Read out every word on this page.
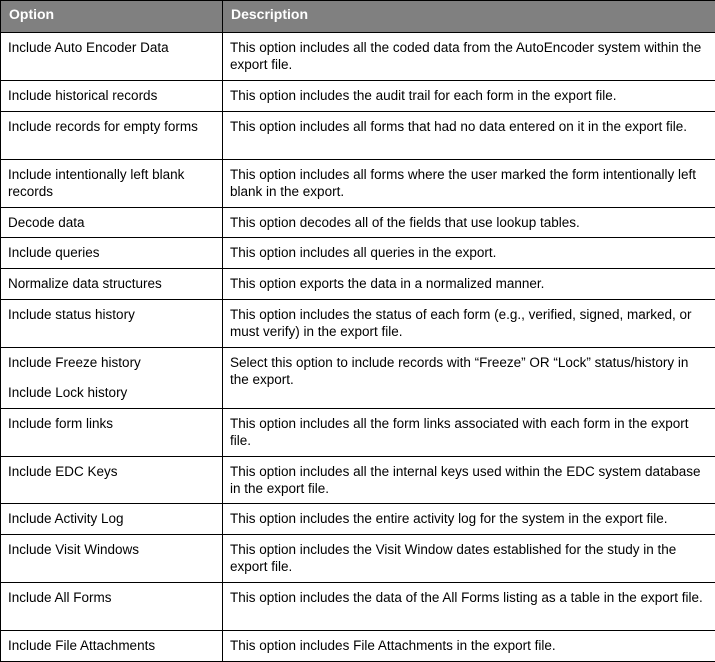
Option	Description

Include Auto Encoder Data	This option includes all the coded data from the AutoEncoder system within the export file.

Include historical records	This option includes the audit trail for each form in the export file.

Include records for empty forms	This option includes all forms that had no data entered on it in the export file.

Include intentionally left blank records	This option includes all forms where the user marked the form intentionally left blank in the export.

Decode data	This option decodes all of the fields that use lookup tables.

Include queries	This option includes all queries in the export.

Normalize data structures	This option exports the data in a normalized manner.

Include status history	This option includes the status of each form (e.g., verified, signed, marked, or must verify) in the export file.

Include Freeze history
Include Lock history	Select this option to include records with “Freeze” OR “Lock” status/history in the export.

Include form links	This option includes all the form links associated with each form in the export file.

Include EDC Keys	This option includes all the internal keys used within the EDC system database in the export file.

Include Activity Log	This option includes the entire activity log for the system in the export file.

Include Visit Windows	This option includes the Visit Window dates established for the study in the export file.

Include All Forms	This option includes the data of the All Forms listing as a table in the export file.

Include File Attachments	This option includes File Attachments in the export file.
